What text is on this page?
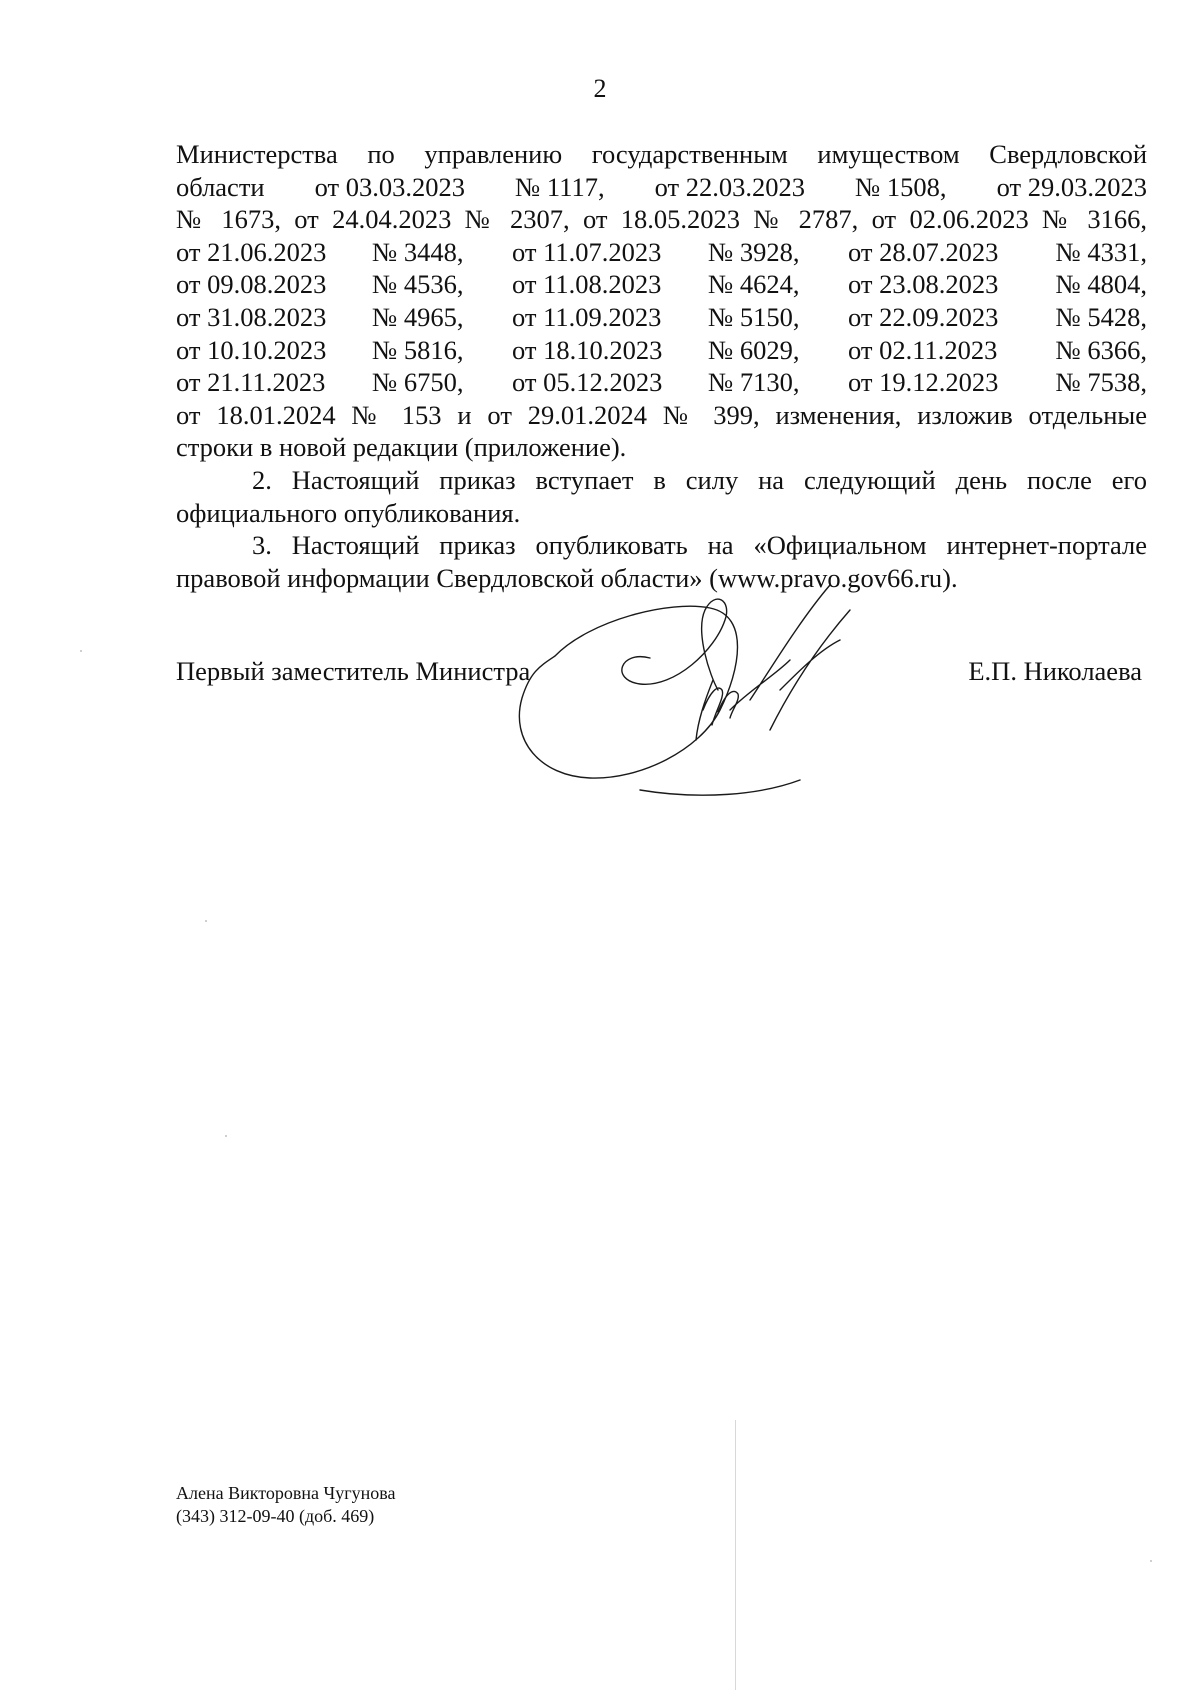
2

Министерства по управлению государственным имуществом Свердловской
области от 03.03.2023 № 1117, от 22.03.2023 № 1508, от 29.03.2023
№ 1673, от 24.04.2023 № 2307, от 18.05.2023 № 2787, от 02.06.2023 № 3166,
от 21.06.2023	№ 3448,	от 11.07.2023	№ 3928,	от 28.07.2023	№ 4331,
от 09.08.2023	№ 4536,	от 11.08.2023	№ 4624,	от 23.08.2023	№ 4804,
от 31.08.2023	№ 4965,	от 11.09.2023	№ 5150,	от 22.09.2023	№ 5428,
от 10.10.2023	№ 5816,	от 18.10.2023	№ 6029,	от 02.11.2023	№ 6366,
от 21.11.2023	№ 6750,	от 05.12.2023	№ 7130,	от 19.12.2023	№ 7538,
от 18.01.2024 № 153 и от 29.01.2024 № 399, изменения, изложив отдельные
строки в новой редакции (приложение).

2. Настоящий приказ вступает в силу на следующий день после его официального опубликования.

3. Настоящий приказ опубликовать на «Официальном интернет-портале правовой информации Свердловской области» (www.pravo.gov66.ru).

Первый заместитель Министра	Е.П. Николаева
Алена Викторовна Чугунова
(343) 312-09-40 (доб. 469)
